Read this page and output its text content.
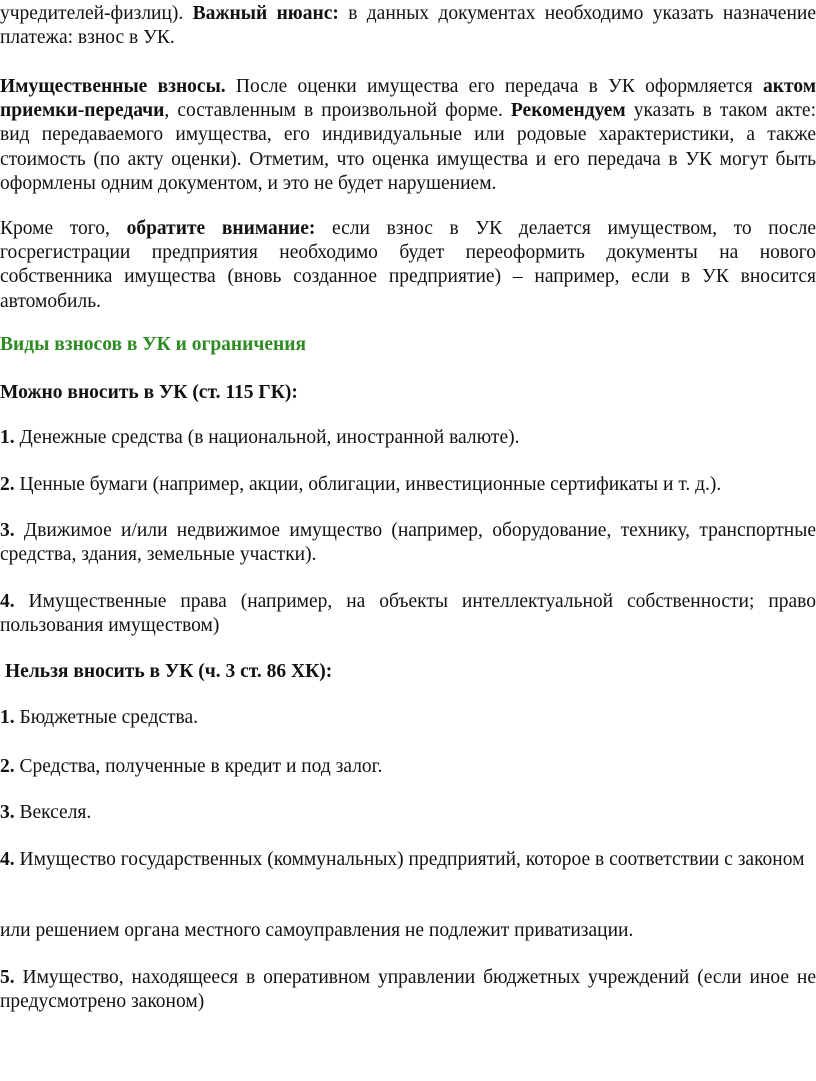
учредителей-физлиц). Важный нюанс: в данных документах необходимо указать назначение платежа: взнос в УК.

Имущественные взносы. После оценки имущества его передача в УК оформляется актом приемки-передачи, составленным в произвольной форме. Рекомендуем указать в таком акте: вид передаваемого имущества, его индивидуальные или родовые характеристики, а также стоимость (по акту оценки). Отметим, что оценка имущества и его передача в УК могут быть оформлены одним документом, и это не будет нарушением.

Кроме того, обратите внимание: если взнос в УК делается имуществом, то после госрегистрации предприятия необходимо будет переоформить документы на нового собственника имущества (вновь созданное предприятие) – например, если в УК вносится автомобиль.

Виды взносов в УК и ограничения

Можно вносить в УК (ст. 115 ГК):

1. Денежные средства (в национальной, иностранной валюте).

2. Ценные бумаги (например, акции, облигации, инвестиционные сертификаты и т. д.).

3. Движимое и/или недвижимое имущество (например, оборудование, технику, транспортные средства, здания, земельные участки).

4. Имущественные права (например, на объекты интеллектуальной собственности; право пользования имуществом)

Нельзя вносить в УК (ч. 3 ст. 86 ХК):

1. Бюджетные средства.

2. Средства, полученные в кредит и под залог.

3. Векселя.

4. Имущество государственных (коммунальных) предприятий, которое в соответствии с законом

или решением органа местного самоуправления не подлежит приватизации.

5. Имущество, находящееся в оперативном управлении бюджетных учреждений (если иное не предусмотрено законом)
